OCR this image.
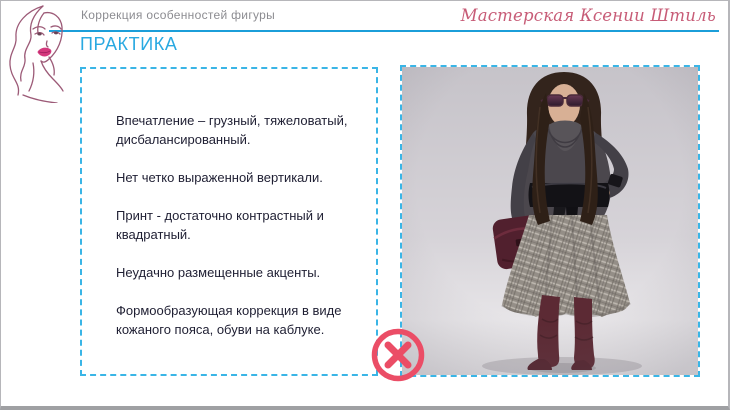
Коррекция особенностей фигуры	Мастерская Ксении Штиль
ПРАКТИКА

Впечатление – грузный, тяжеловатый, дисбалансированный.

Нет четко выраженной вертикали.

Принт - достаточно контрастный и квадратный.

Неудачно размещенные акценты.

Формообразующая коррекция в виде кожаного пояса, обуви на каблуке.
